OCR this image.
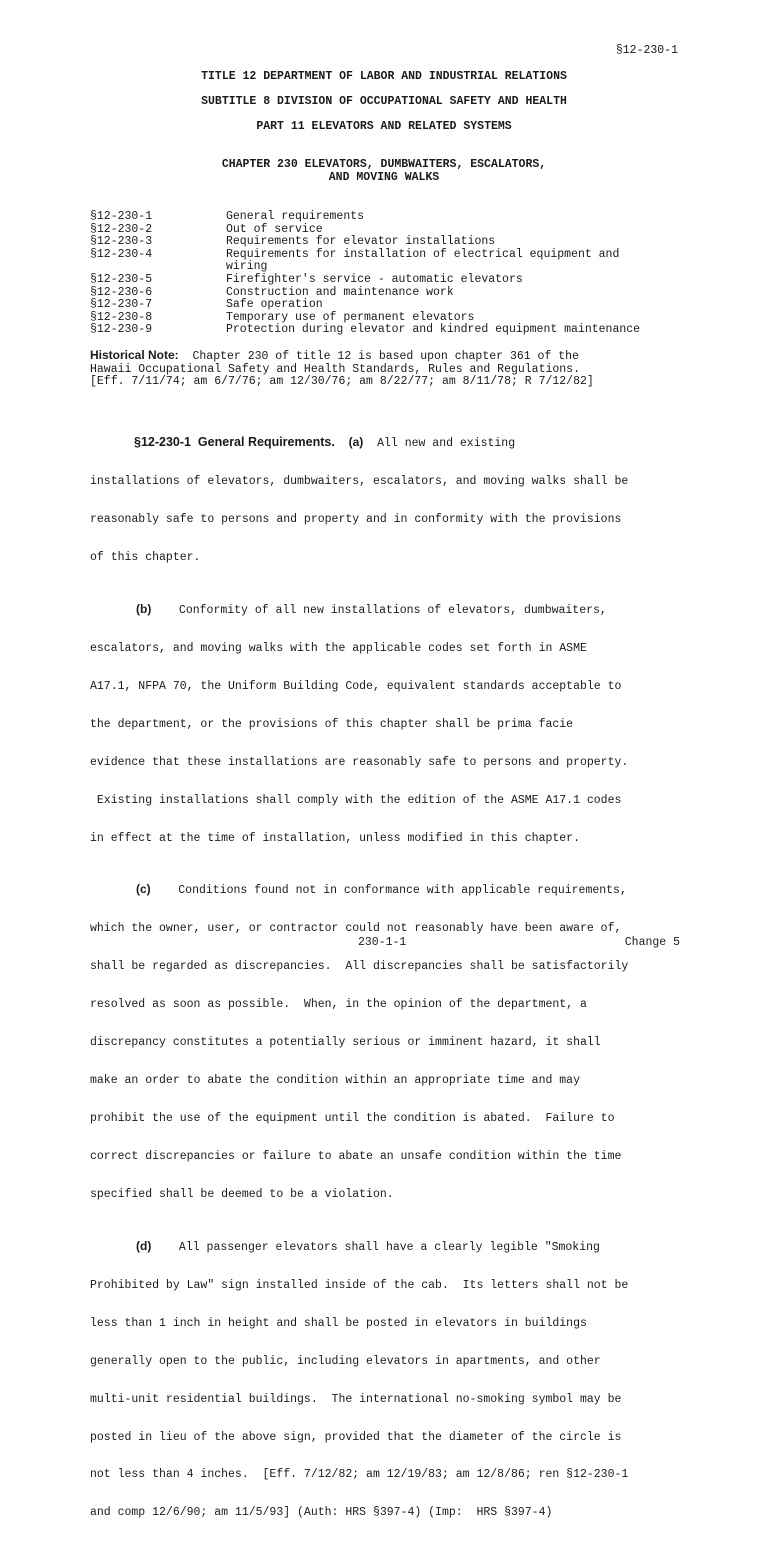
§12-230-1
TITLE 12 DEPARTMENT OF LABOR AND INDUSTRIAL RELATIONS
SUBTITLE 8 DIVISION OF OCCUPATIONAL SAFETY AND HEALTH
PART 11 ELEVATORS AND RELATED SYSTEMS
CHAPTER 230 ELEVATORS, DUMBWAITERS, ESCALATORS,
AND MOVING WALKS
§12-230-1	General requirements
§12-230-2	Out of service
§12-230-3	Requirements for elevator installations
§12-230-4	Requirements for installation of electrical equipment and
wiring
§12-230-5	Firefighter's service - automatic elevators
§12-230-6	Construction and maintenance work
§12-230-7	Safe operation
§12-230-8	Temporary use of permanent elevators
§12-230-9	Protection during elevator and kindred equipment maintenance
Historical Note:  Chapter 230 of title 12 is based upon chapter 361 of the
Hawaii Occupational Safety and Health Standards, Rules and Regulations.
[Eff. 7/11/74; am 6/7/76; am 12/30/76; am 8/22/77; am 8/11/78; R 7/12/82]

§12-230-1  General Requirements. (a)  All new and existing

installations of elevators, dumbwaiters, escalators, and moving walks shall be

reasonably safe to persons and property and in conformity with the provisions

of this chapter.

(b)    Conformity of all new installations of elevators, dumbwaiters,

escalators, and moving walks with the applicable codes set forth in ASME

A17.1, NFPA 70, the Uniform Building Code, equivalent standards acceptable to

the department, or the provisions of this chapter shall be prima facie

evidence that these installations are reasonably safe to persons and property.

Existing installations shall comply with the edition of the ASME A17.1 codes

in effect at the time of installation, unless modified in this chapter.

(c)    Conditions found not in conformance with applicable requirements,

which the owner, user, or contractor could not reasonably have been aware of,

shall be regarded as discrepancies.  All discrepancies shall be satisfactorily

resolved as soon as possible.  When, in the opinion of the department, a

discrepancy constitutes a potentially serious or imminent hazard, it shall

make an order to abate the condition within an appropriate time and may

prohibit the use of the equipment until the condition is abated.  Failure to

correct discrepancies or failure to abate an unsafe condition within the time

specified shall be deemed to be a violation.

(d)    All passenger elevators shall have a clearly legible "Smoking

Prohibited by Law" sign installed inside of the cab.  Its letters shall not be

less than 1 inch in height and shall be posted in elevators in buildings

generally open to the public, including elevators in apartments, and other

multi-unit residential buildings.  The international no-smoking symbol may be

posted in lieu of the above sign, provided that the diameter of the circle is

not less than 4 inches.  [Eff. 7/12/82; am 12/19/83; am 12/8/86; ren §12-230-1

and comp 12/6/90; am 11/5/93] (Auth: HRS §397-4) (Imp:  HRS §397-4)

230-1-1	Change 5
